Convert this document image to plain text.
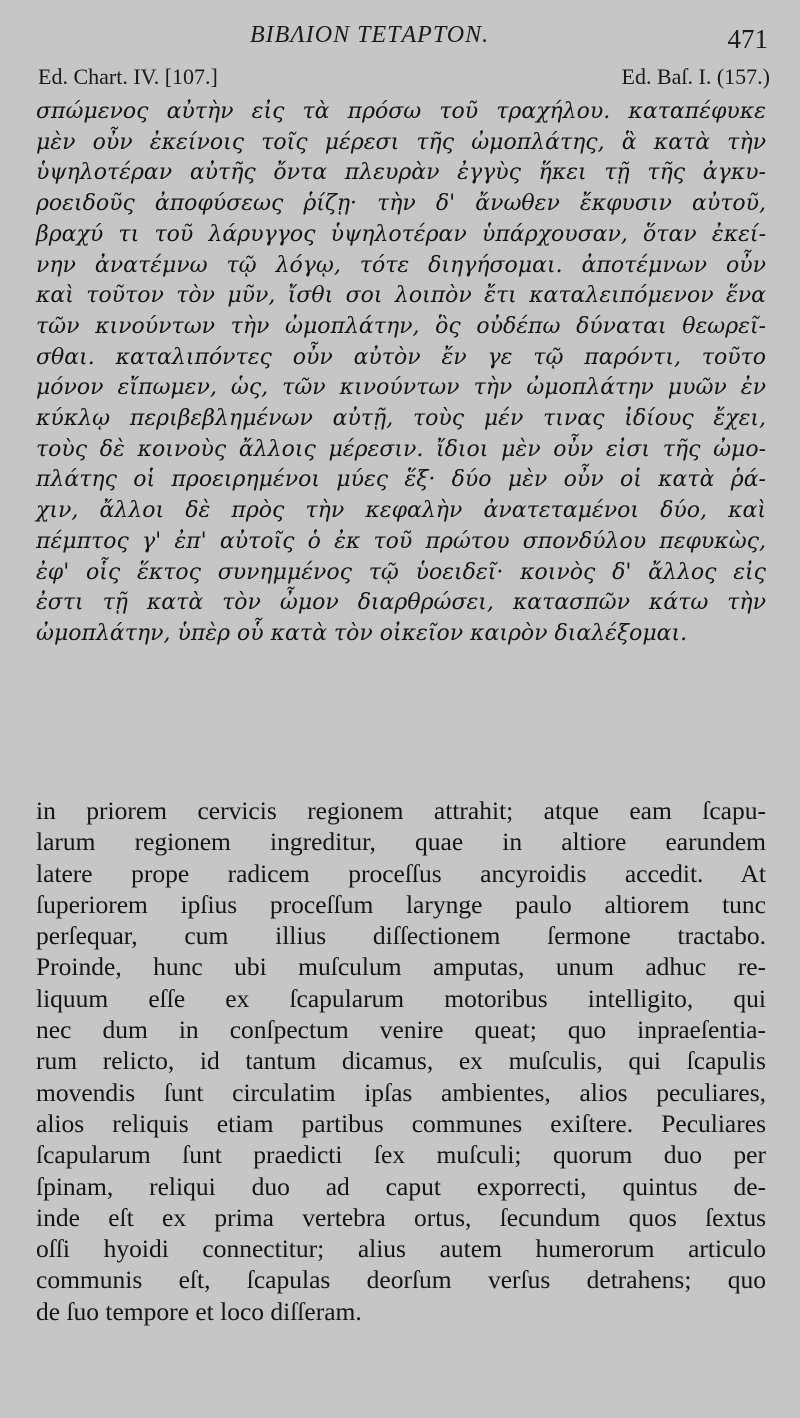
BIBΛΙΟΝ TETΑΡΤΟΝ.	471
Ed. Chart. IV. [107.]	Ed. Baſ. I. (157.)
σπώμενος αὐτὴν εἰς τὰ πρόσω τοῦ τραχήλου. καταπέφυκε
μὲν οὖν ἐκείνοις τοῖς μέρεσι τῆς ὠμοπλάτης, ἃ κατὰ τὴν
ὑψηλοτέραν αὐτῆς ὄντα πλευρὰν ἐγγὺς ἥκει τῇ τῆς ἀγκυ-
ροειδοῦς ἀποφύσεως ῥίζῃ· τὴν δ' ἄνωθεν ἔκφυσιν αὐτοῦ,
βραχύ τι τοῦ λάρυγγος ὑψηλοτέραν ὑπάρχουσαν, ὅταν ἐκεί-
νην ἀνατέμνω τῷ λόγῳ, τότε διηγήσομαι. ἀποτέμνων οὖν
καὶ τοῦτον τὸν μῦν, ἴσθι σοι λοιπὸν ἔτι καταλειπόμενον ἕνα
τῶν κινούντων τὴν ὠμοπλάτην, ὃς οὐδέπω δύναται θεωρεῖ-
σθαι. καταλιπόντες οὖν αὐτὸν ἔν γε τῷ παρόντι, τοῦτο
μόνον εἴπωμεν, ὡς, τῶν κινούντων τὴν ὠμοπλάτην μυῶν ἐν
κύκλῳ περιβεβλημένων αὐτῇ, τοὺς μέν τινας ἰδίους ἔχει,
τοὺς δὲ κοινοὺς ἄλλοις μέρεσιν. ἴδιοι μὲν οὖν εἰσι τῆς ὠμο-
πλάτης οἱ προειρημένοι μύες ἕξ· δύο μὲν οὖν οἱ κατὰ ῥά-
χιν, ἄλλοι δὲ πρὸς τὴν κεφαλὴν ἀνατεταμένοι δύο, καὶ
πέμπτος γ' ἐπ' αὐτοῖς ὁ ἐκ τοῦ πρώτου σπονδύλου πεφυκὼς,
ἐφ' οἷς ἕκτος συνημμένος τῷ ὑοειδεῖ· κοινὸς δ' ἄλλος εἰς
ἐστι τῇ κατὰ τὸν ὦμον διαρθρώσει, κατασπῶν κάτω τὴν
ὠμοπλάτην, ὑπὲρ οὗ κατὰ τὸν οἰκεῖον καιρὸν διαλέξομαι.
in priorem cervicis regionem attrahit; atque eam ſcapu-
larum regionem ingreditur, quae in altiore earundem
latere prope radicem proceſſus ancyroidis accedit. At
ſuperiorem ipſius proceſſum larynge paulo altiorem tunc
perſequar, cum illius diſſectionem ſermone tractabo.
Proinde, hunc ubi muſculum amputas, unum adhuc re-
liquum eſſe ex ſcapularum motoribus intelligito, qui
nec dum in conſpectum venire queat; quo inpraeſentia-
rum relicto, id tantum dicamus, ex muſculis, qui ſcapulis
movendis ſunt circulatim ipſas ambientes, alios peculiares,
alios reliquis etiam partibus communes exiſtere. Peculiares
ſcapularum ſunt praedicti ſex muſculi; quorum duo per
ſpinam, reliqui duo ad caput exporrecti, quintus de-
inde eſt ex prima vertebra ortus, ſecundum quos ſextus
oſſi hyoidi connectitur; alius autem humerorum articulo
communis eſt, ſcapulas deorſum verſus detrahens; quo
de ſuo tempore et loco diſſeram.
